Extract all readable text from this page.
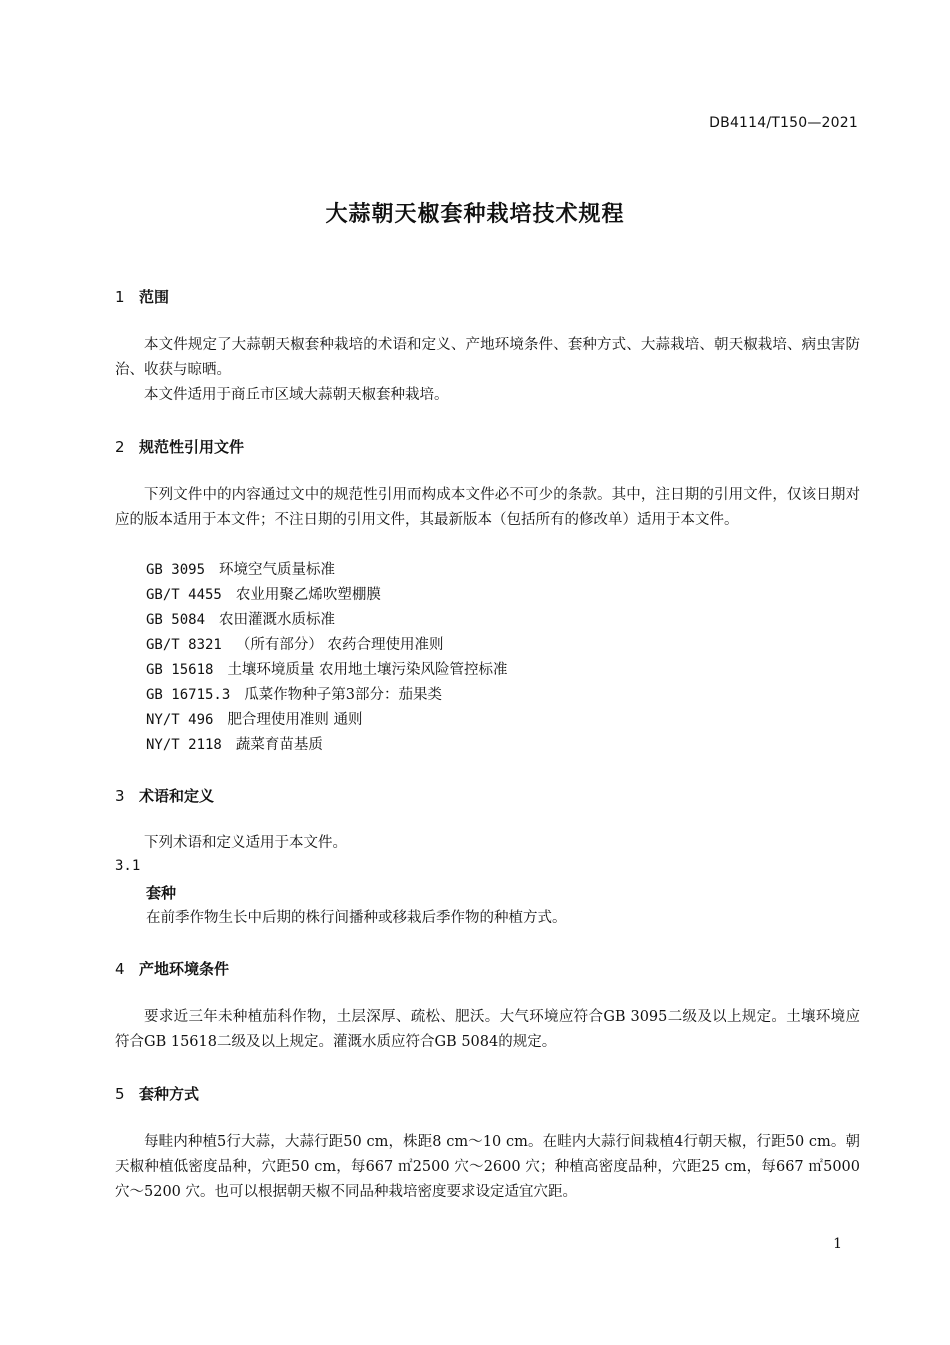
DB4114/T150—2021
大蒜朝天椒套种栽培技术规程
1 范围
本文件规定了大蒜朝天椒套种栽培的术语和定义、产地环境条件、套种方式、大蒜栽培、朝天椒栽培、病虫害防治、收获与晾晒。
本文件适用于商丘市区域大蒜朝天椒套种栽培。
2 规范性引用文件
下列文件中的内容通过文中的规范性引用而构成本文件必不可少的条款。其中，注日期的引用文件，仅该日期对应的版本适用于本文件；不注日期的引用文件，其最新版本（包括所有的修改单）适用于本文件。
GB 3095 环境空气质量标准
GB/T 4455 农业用聚乙烯吹塑棚膜
GB 5084 农田灌溉水质标准
GB/T 8321 （所有部分） 农药合理使用准则
GB 15618 土壤环境质量 农用地土壤污染风险管控标准
GB 16715.3 瓜菜作物种子第3部分：茄果类
NY/T 496 肥合理使用准则 通则
NY/T 2118 蔬菜育苗基质
3 术语和定义
下列术语和定义适用于本文件。
3.1
套种
在前季作物生长中后期的株行间播种或移栽后季作物的种植方式。
4 产地环境条件
要求近三年未种植茄科作物，土层深厚、疏松、肥沃。大气环境应符合GB 3095二级及以上规定。土壤环境应符合GB 15618二级及以上规定。灌溉水质应符合GB 5084的规定。
5 套种方式
每畦内种植5行大蒜，大蒜行距50 cm，株距8 cm～10 cm。在畦内大蒜行间栽植4行朝天椒，行距50 cm。朝天椒种植低密度品种，穴距50 cm，每667 ㎡2500 穴～2600 穴；种植高密度品种，穴距25 cm，每667 ㎡5000 穴～5200 穴。也可以根据朝天椒不同品种栽培密度要求设定适宜穴距。
1
